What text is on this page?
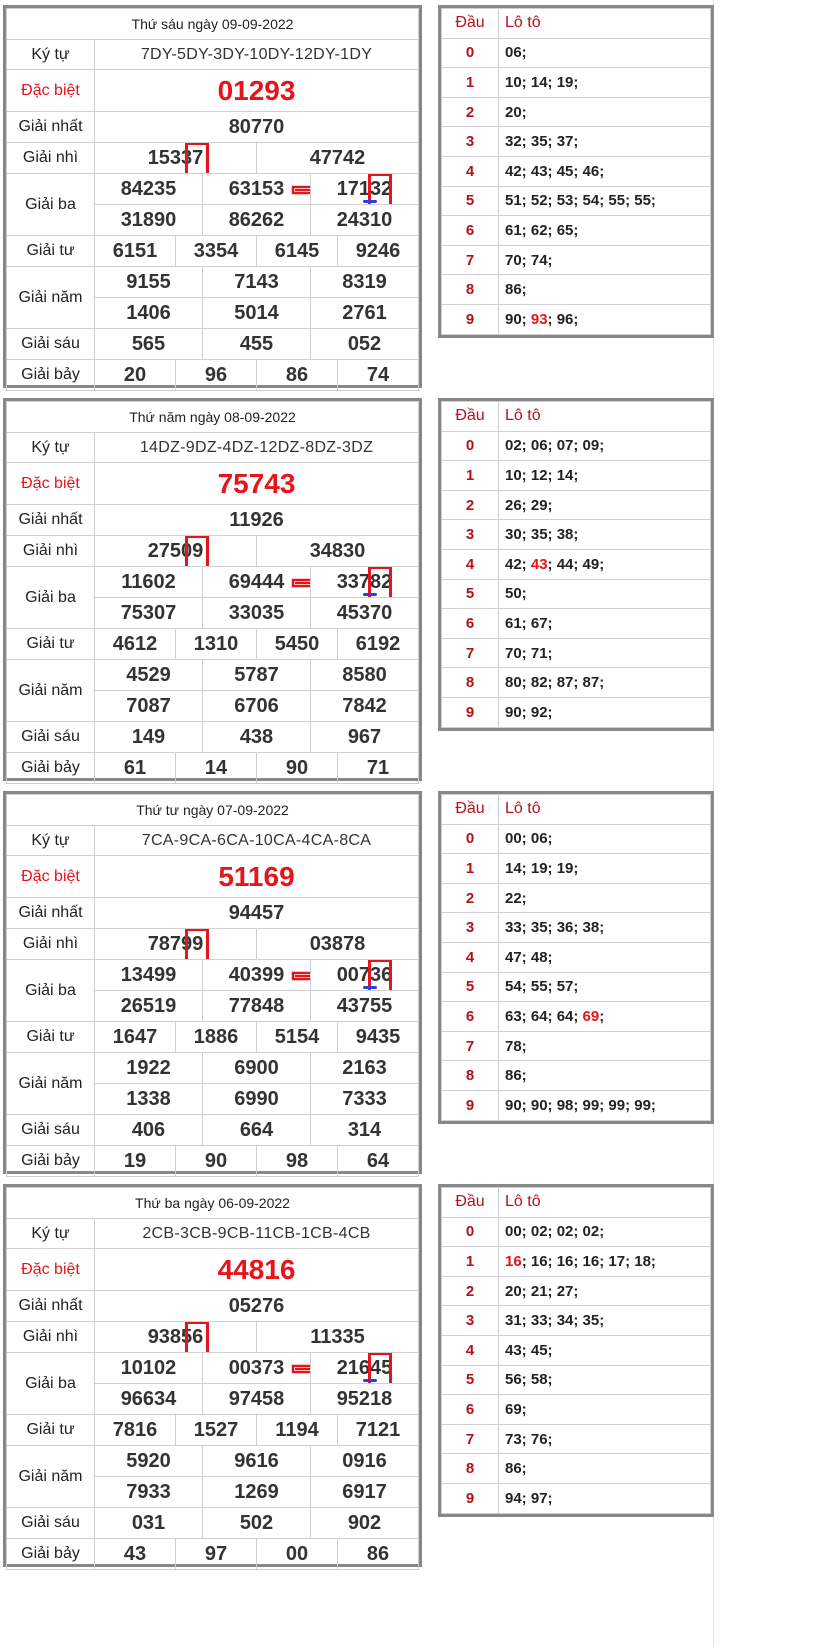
Thứ sáu ngày 09-09-2022						
Ký tự	7DY-5DY-3DY-10DY-12DY-1DY					
Đặc biệt	01293					
Giải nhất	80770					
Giải nhì	15337			47742		
Giải ba	84235		63153		17132	

	31890		86262		24310	
Giải tư	6151	3354		6145		9246
Giải năm	9155		7143		8319	
	1406		5014		2761	
Giải sáu	565		455		052	
Giải bảy	20	96		86		74
Đầu	Lô tô
0	06;
1	10; 14; 19;
2	20;
3	32; 35; 37;
4	42; 43; 45; 46;
5	51; 52; 53; 54; 55; 55;
6	61; 62; 65;
7	70; 74;
8	86;
9	90; 93; 96;
Thứ năm ngày 08-09-2022						
Ký tự	14DZ-9DZ-4DZ-12DZ-8DZ-3DZ					
Đặc biệt	75743					
Giải nhất	11926					
Giải nhì	27509			34830		
Giải ba	11602		69444		33782	

	75307		33035		45370	
Giải tư	4612	1310		5450		6192
Giải năm	4529		5787		8580	
	7087		6706		7842	
Giải sáu	149		438		967	
Giải bảy	61	14		90		71
Đầu	Lô tô
0	02; 06; 07; 09;
1	10; 12; 14;
2	26; 29;
3	30; 35; 38;
4	42; 43; 44; 49;
5	50;
6	61; 67;
7	70; 71;
8	80; 82; 87; 87;
9	90; 92;
Thứ tư ngày 07-09-2022						
Ký tự	7CA-9CA-6CA-10CA-4CA-8CA					
Đặc biệt	51169					
Giải nhất	94457					
Giải nhì	78799			03878		
Giải ba	13499		40399		00736	

	26519		77848		43755	
Giải tư	1647	1886		5154		9435
Giải năm	1922		6900		2163	
	1338		6990		7333	
Giải sáu	406		664		314	
Giải bảy	19	90		98		64
Đầu	Lô tô
0	00; 06;
1	14; 19; 19;
2	22;
3	33; 35; 36; 38;
4	47; 48;
5	54; 55; 57;
6	63; 64; 64; 69;
7	78;
8	86;
9	90; 90; 98; 99; 99; 99;
Thứ ba ngày 06-09-2022						
Ký tự	2CB-3CB-9CB-11CB-1CB-4CB					
Đặc biệt	44816					
Giải nhất	05276					
Giải nhì	93856			11335		
Giải ba	10102		00373		21645	

	96634		97458		95218	
Giải tư	7816	1527		1194		7121
Giải năm	5920		9616		0916	
	7933		1269		6917	
Giải sáu	031		502		902	
Giải bảy	43	97		00		86
Đầu	Lô tô
0	00; 02; 02; 02;
1	16; 16; 16; 16; 17; 18;
2	20; 21; 27;
3	31; 33; 34; 35;
4	43; 45;
5	56; 58;
6	69;
7	73; 76;
8	86;
9	94; 97;
